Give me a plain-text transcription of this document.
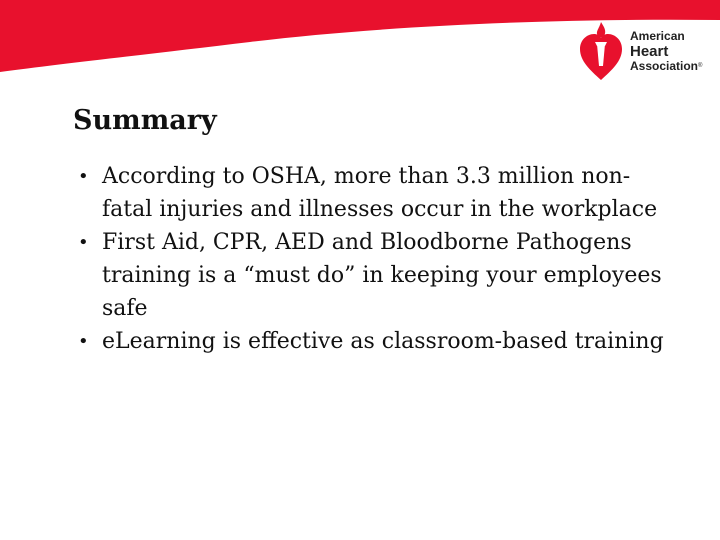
American
Heart
Association®
Summary
• According to OSHA, more than 3.3 million non-fatal injuries and illnesses occur in the workplace
• First Aid, CPR, AED and Bloodborne Pathogens training is a “must do” in keeping your employees safe
• eLearning is effective as classroom-based training
